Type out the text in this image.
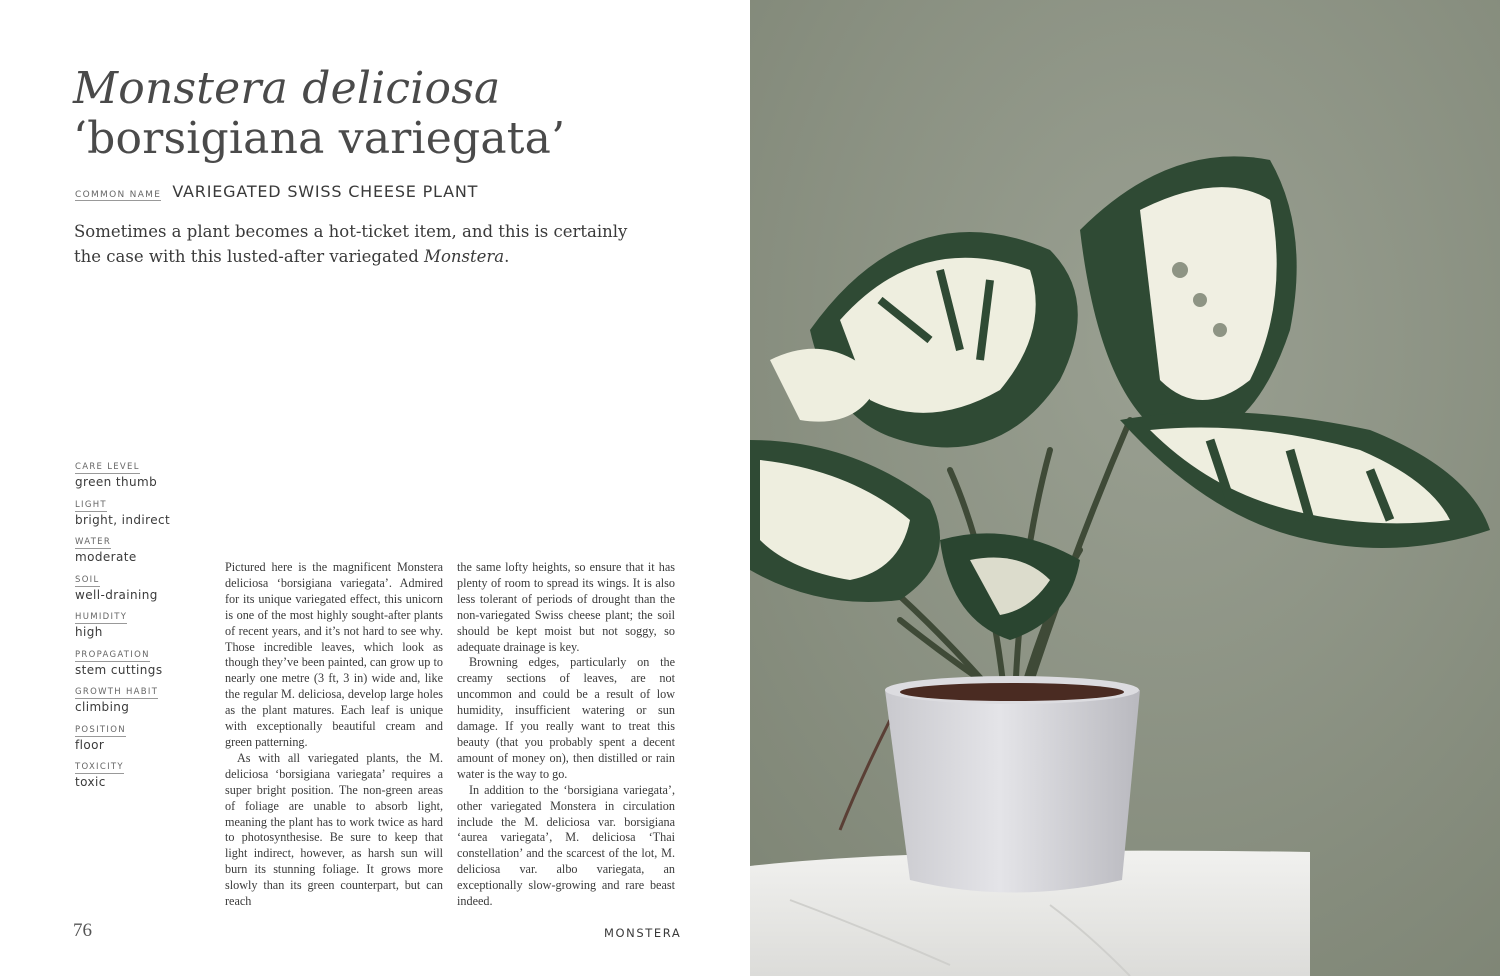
Monstera deliciosa
‘borsigiana variegata’
COMMON NAME VARIEGATED SWISS CHEESE PLANT

Sometimes a plant becomes a hot-ticket item, and this is certainly the case with this lusted-after variegated Monstera.

CARE LEVEL
green thumb
LIGHT
bright, indirect
WATER
moderate
SOIL
well-draining
HUMIDITY
high
PROPAGATION
stem cuttings
GROWTH HABIT
climbing
POSITION
floor
TOXICITY
toxic

Pictured here is the magnificent Monstera deliciosa ‘borsigiana variegata’. Admired for its unique variegated effect, this unicorn is one of the most highly sought-after plants of recent years, and it’s not hard to see why. Those incredible leaves, which look as though they’ve been painted, can grow up to nearly one metre (3 ft, 3 in) wide and, like the regular M. deliciosa, develop large holes as the plant matures. Each leaf is unique with exceptionally beautiful cream and green patterning.

As with all variegated plants, the M. deliciosa ‘borsigiana variegata’ requires a super bright position. The non-green areas of foliage are unable to absorb light, meaning the plant has to work twice as hard to photosynthesise. Be sure to keep that light indirect, however, as harsh sun will burn its stunning foliage. It grows more slowly than its green counterpart, but can reach

the same lofty heights, so ensure that it has plenty of room to spread its wings. It is also less tolerant of periods of drought than the non-variegated Swiss cheese plant; the soil should be kept moist but not soggy, so adequate drainage is key.

Browning edges, particularly on the creamy sections of leaves, are not uncommon and could be a result of low humidity, insufficient watering or sun damage. If you really want to treat this beauty (that you probably spent a decent amount of money on), then distilled or rain water is the way to go.

In addition to the ‘borsigiana variegata’, other variegated Monstera in circulation include the M. deliciosa var. borsigiana ‘aurea variegata’, M. deliciosa ‘Thai constellation’ and the scarcest of the lot, M. deliciosa var. albo variegata, an exceptionally slow-growing and rare beast indeed.

76	MONSTERA
